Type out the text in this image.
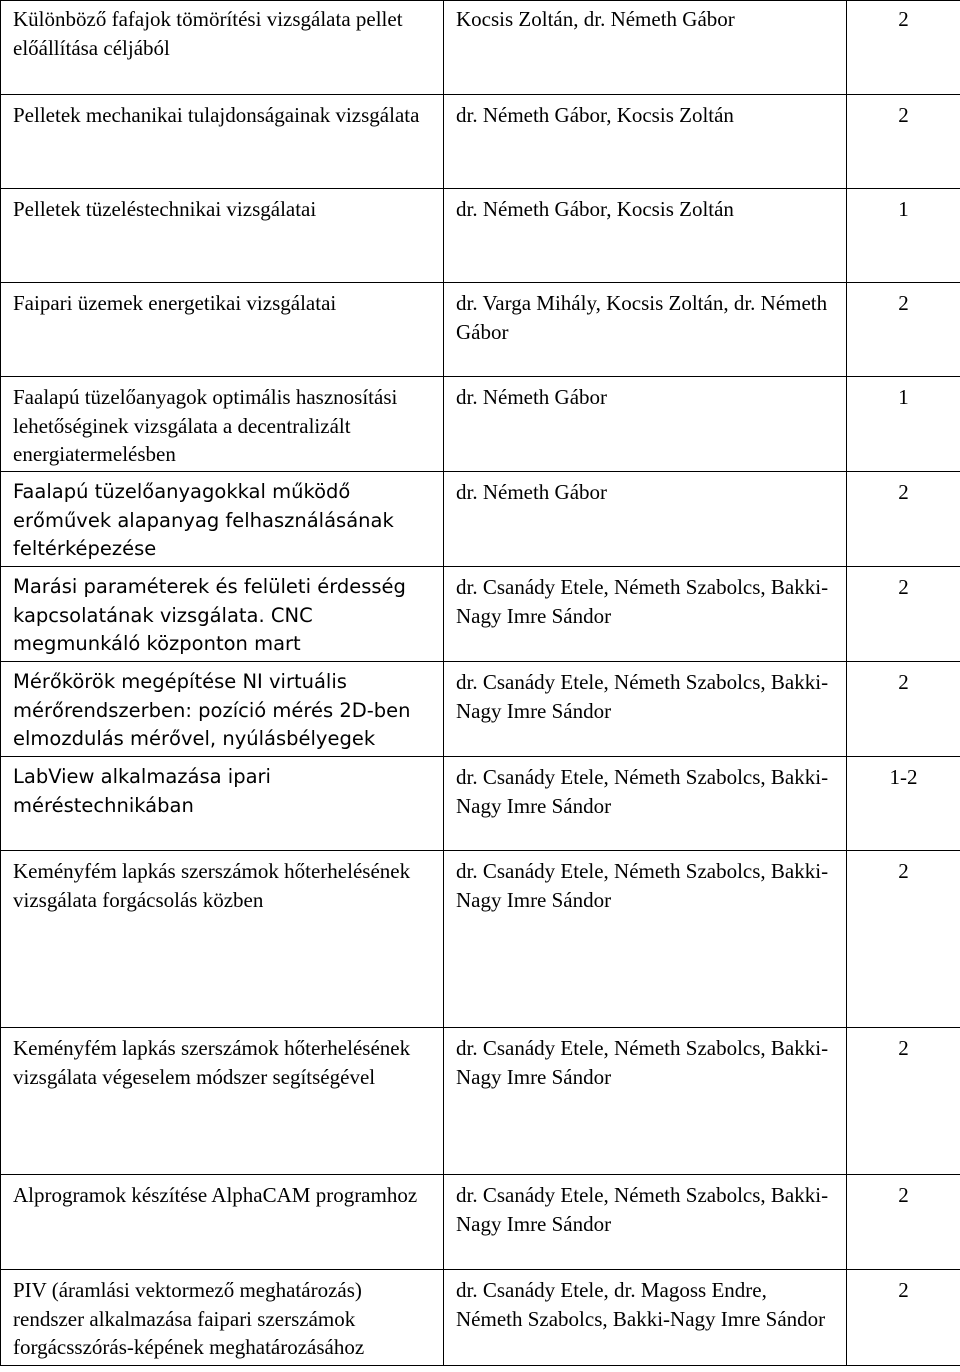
Különböző fafajok tömörítési vizsgálata pellet előállítása céljából	Kocsis Zoltán, dr. Németh Gábor	2

Pelletek mechanikai tulajdonságainak vizsgálata	dr. Németh Gábor, Kocsis Zoltán	2

Pelletek tüzeléstechnikai vizsgálatai	dr. Németh Gábor, Kocsis Zoltán	1

Faipari üzemek energetikai vizsgálatai	dr. Varga Mihály, Kocsis Zoltán, dr. Németh Gábor	2

Faalapú tüzelőanyagok optimális hasznosítási lehetőséginek vizsgálata a decentralizált energiatermelésben	dr. Németh Gábor	1

Faalapú tüzelőanyagokkal működő erőművek alapanyag felhasználásának feltérképezése	dr. Németh Gábor	2

Marási paraméterek és felületi érdesség kapcsolatának vizsgálata. CNC megmunkáló központon mart	dr. Csanády Etele, Németh Szabolcs, Bakki-Nagy Imre Sándor	2

Mérőkörök megépítése NI virtuális mérőrendszerben: pozíció mérés 2D-ben elmozdulás mérővel, nyúlásbélyegek	dr. Csanády Etele, Németh Szabolcs, Bakki-Nagy Imre Sándor	2

LabView alkalmazása ipari méréstechnikában	dr. Csanády Etele, Németh Szabolcs, Bakki-Nagy Imre Sándor	1-2

Keményfém lapkás szerszámok hőterhelésének vizsgálata forgácsolás közben	dr. Csanády Etele, Németh Szabolcs, Bakki-Nagy Imre Sándor	2

Keményfém lapkás szerszámok hőterhelésének vizsgálata végeselem módszer segítségével	dr. Csanády Etele, Németh Szabolcs, Bakki-Nagy Imre Sándor	2

Alprogramok készítése AlphaCAM programhoz	dr. Csanády Etele, Németh Szabolcs, Bakki-Nagy Imre Sándor	2

PIV (áramlási vektormező meghatározás) rendszer alkalmazása faipari szerszámok forgácsszórás-képének meghatározásához	dr. Csanády Etele, dr. Magoss Endre, Németh Szabolcs, Bakki-Nagy Imre Sándor	2
